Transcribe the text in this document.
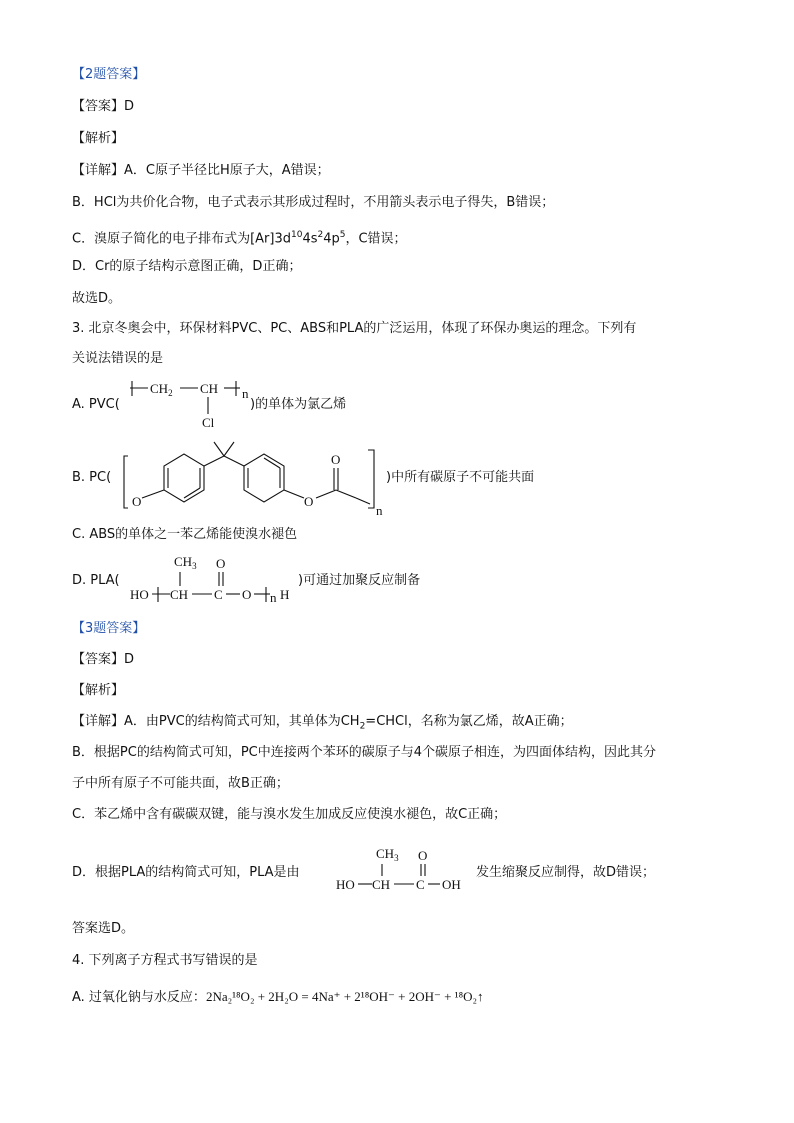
【2题答案】
【答案】D
【解析】
【详解】A．C原子半径比H原子大，A错误；
B．HCl为共价化合物，电子式表示其形成过程时，不用箭头表示电子得失，B错误；
C．溴原子简化的电子排布式为$[Ar]3d^{10}4s^24p^5$，C错误；
D．Cr的原子结构示意图正确，D正确；
故选D。
3. 北京冬奥会中，环保材料PVC、PC、ABS和PLA的广泛运用，体现了环保办奥运的理念。下列有
关说法错误的是
A. PVC(
$CH_2$ CH n
Cl
)的单体为氯乙烯
B. PC(
O	O
O
n
)中所有碳原子不可能共面
C. ABS的单体之一苯乙烯能使溴水褪色
D. PLA(
$CH_3$ O
HO CH C O n H
)可通过加聚反应制备
【3题答案】
【答案】D
【解析】
【详解】A．由PVC的结构简式可知，其单体为$CH_2=CHCl$，名称为氯乙烯，故A正确；
B．根据PC的结构简式可知，PC中连接两个苯环的碳原子与4个碳原子相连，为四面体结构，因此其分
子中所有原子不可能共面，故B正确；
C．苯乙烯中含有碳碳双键，能与溴水发生加成反应使溴水褪色，故C正确；
D．根据PLA的结构简式可知，PLA是由
$CH_3$ O
HO CH C OH
发生缩聚反应制得，故D错误；
答案选D。
4. 下列离子方程式书写错误的是
A. 过氧化钠与水反应：2Na₂¹⁸O₂ + 2H₂O = 4Na⁺ + 2¹⁸OH⁻ + 2OH⁻ + ¹⁸O₂↑
